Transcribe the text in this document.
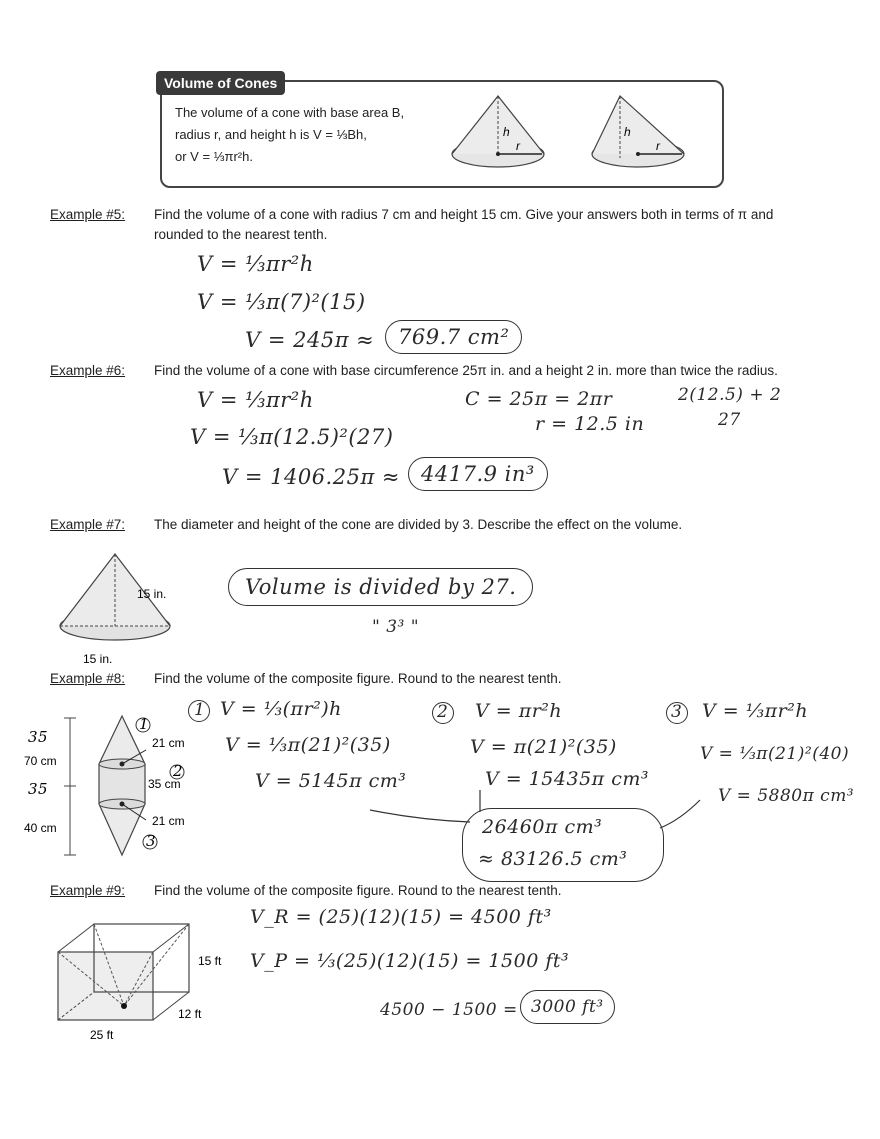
Volume of Cones
The volume of a cone with base area B,
radius r, and height h is V = ⅓Bh,
or V = ⅓πr²h.
h
r
h
r
Example #5: Find the volume of a cone with radius 7 cm and height 15 cm. Give your answers both in terms of π and
rounded to the nearest tenth.
V = ⅓πr²h
V = ⅓π(7)²(15)
V = 245π ≈	769.7 cm²
Example #6: Find the volume of a cone with base circumference 25π in. and a height 2 in. more than twice the radius.
V = ⅓πr²h
V = ⅓π(12.5)²(27)
V = 1406.25π ≈ 4417.9 in³
C = 25π = 2πr
r = 12.5 in
2(12.5) + 2
27
Example #7: The diameter and height of the cone are divided by 3. Describe the effect on the volume.
15 in.
15 in.
Volume is divided by 27.
" 3³ "
Example #8: Find the volume of the composite figure. Round to the nearest tenth.
35
70 cm
35
40 cm
21 cm
35 cm
21 cm
1
2
3
1 V = ⅓(πr²)h
V = ⅓π(21)²(35)
V = 5145π cm³
2 V = πr²h
V = π(21)²(35)
V = 15435π cm³
3 V = ⅓πr²h
V = ⅓π(21)²(40)
V = 5880π cm³
26460π cm³
≈ 83126.5 cm³
Example #9: Find the volume of the composite figure. Round to the nearest tenth.
15 ft
12 ft
25 ft
V_R = (25)(12)(15) = 4500 ft³
V_P = ⅓(25)(12)(15) = 1500 ft³
4500 − 1500 = 3000 ft³
